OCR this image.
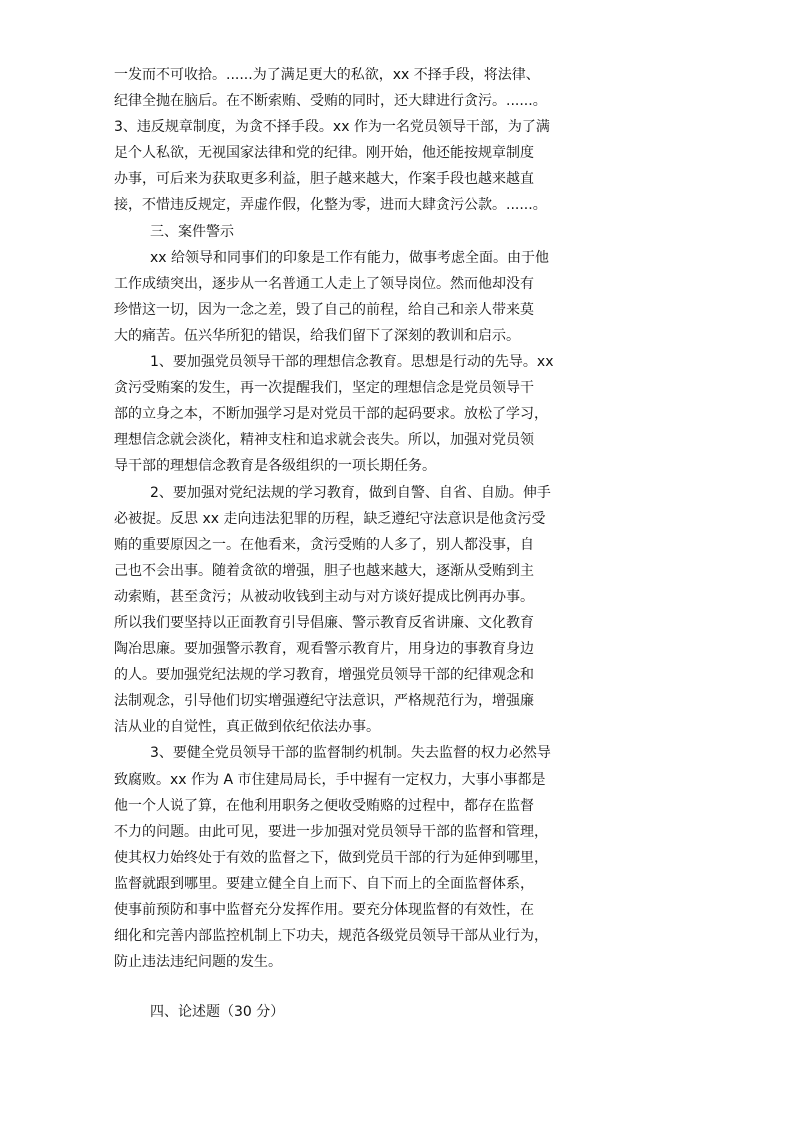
一发而不可收拾。......为了满足更大的私欲，xx 不择手段，将法律、
纪律全抛在脑后。在不断索贿、受贿的同时，还大肆进行贪污。......。
3、违反规章制度，为贪不择手段。xx 作为一名党员领导干部，为了满
足个人私欲，无视国家法律和党的纪律。刚开始，他还能按规章制度
办事，可后来为获取更多利益，胆子越来越大，作案手段也越来越直
接，不惜违反规定，弄虚作假，化整为零，进而大肆贪污公款。......。
三、案件警示
xx 给领导和同事们的印象是工作有能力，做事考虑全面。由于他
工作成绩突出，逐步从一名普通工人走上了领导岗位。然而他却没有
珍惜这一切，因为一念之差，毁了自己的前程，给自己和亲人带来莫
大的痛苦。伍兴华所犯的错误，给我们留下了深刻的教训和启示。
1、要加强党员领导干部的理想信念教育。思想是行动的先导。xx
贪污受贿案的发生，再一次提醒我们，坚定的理想信念是党员领导干
部的立身之本，不断加强学习是对党员干部的起码要求。放松了学习，
理想信念就会淡化，精神支柱和追求就会丧失。所以，加强对党员领
导干部的理想信念教育是各级组织的一项长期任务。
2、要加强对党纪法规的学习教育，做到自警、自省、自励。伸手
必被捉。反思 xx 走向违法犯罪的历程，缺乏遵纪守法意识是他贪污受
贿的重要原因之一。在他看来，贪污受贿的人多了，别人都没事，自
己也不会出事。随着贪欲的增强，胆子也越来越大，逐渐从受贿到主
动索贿，甚至贪污；从被动收钱到主动与对方谈好提成比例再办事。
所以我们要坚持以正面教育引导倡廉、警示教育反省讲廉、文化教育
陶冶思廉。要加强警示教育，观看警示教育片，用身边的事教育身边
的人。要加强党纪法规的学习教育，增强党员领导干部的纪律观念和
法制观念，引导他们切实增强遵纪守法意识，严格规范行为，增强廉
洁从业的自觉性，真正做到依纪依法办事。
3、要健全党员领导干部的监督制约机制。失去监督的权力必然导
致腐败。xx 作为 A 市住建局局长，手中握有一定权力，大事小事都是
他一个人说了算，在他利用职务之便收受贿赂的过程中，都存在监督
不力的问题。由此可见，要进一步加强对党员领导干部的监督和管理，
使其权力始终处于有效的监督之下，做到党员干部的行为延伸到哪里，
监督就跟到哪里。要建立健全自上而下、自下而上的全面监督体系，
使事前预防和事中监督充分发挥作用。要充分体现监督的有效性，在
细化和完善内部监控机制上下功夫，规范各级党员领导干部从业行为，
防止违法违纪问题的发生。
四、论述题（30 分）
